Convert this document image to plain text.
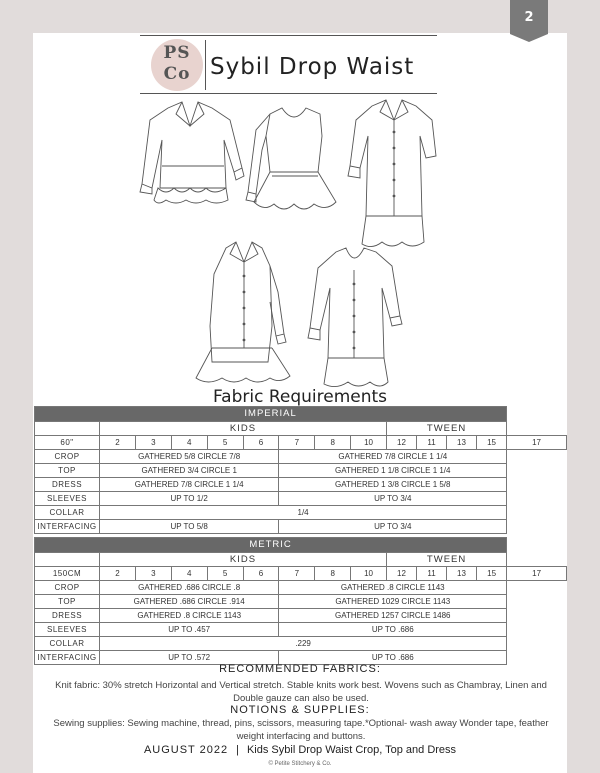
2
PS
Co Sybil Drop Waist
Fabric Requirements
IMPERIAL													
	KIDS								TWEEN				
60"	2	3	4	5	6	7	8	10	12	11	13	15	17
CROP	GATHERED 5/8 CIRCLE 7/8					GATHERED 7/8 CIRCLE 1 1/4							
TOP	GATHERED 3/4 CIRCLE 1					GATHERED 1 1/8 CIRCLE 1 1/4							
DRESS	GATHERED 7/8 CIRCLE 1 1/4					GATHERED 1 3/8 CIRCLE 1 5/8							
SLEEVES	UP TO 1/2					UP TO 3/4							
COLLAR	1/4												
INTERFACING	UP TO 5/8					UP TO 3/4							
METRIC													
	KIDS								TWEEN				
150CM	2	3	4	5	6	7	8	10	12	11	13	15	17
CROP	GATHERED .686 CIRCLE .8					GATHERED .8 CIRCLE 1143							
TOP	GATHERED .686 CIRCLE .914					GATHERED 1029 CIRCLE 1143							
DRESS	GATHERED .8 CIRCLE 1143					GATHERED 1257 CIRCLE 1486							
SLEEVES	UP TO .457					UP TO .686							
COLLAR	.229												
INTERFACING	UP TO .572					UP TO .686							
RECOMMENDED FABRICS:
Knit fabric: 30% stretch Horizontal and Vertical stretch. Stable knits work best. Wovens such as Chambray, Linen and Double gauze can also be used.
NOTIONS & SUPPLIES:
Sewing supplies: Sewing machine, thread, pins, scissors, measuring tape.*Optional- wash away Wonder tape, feather weight interfacing and buttons.
AUGUST 2022 | Kids Sybil Drop Waist Crop, Top and Dress
© Petite Stitchery & Co.
